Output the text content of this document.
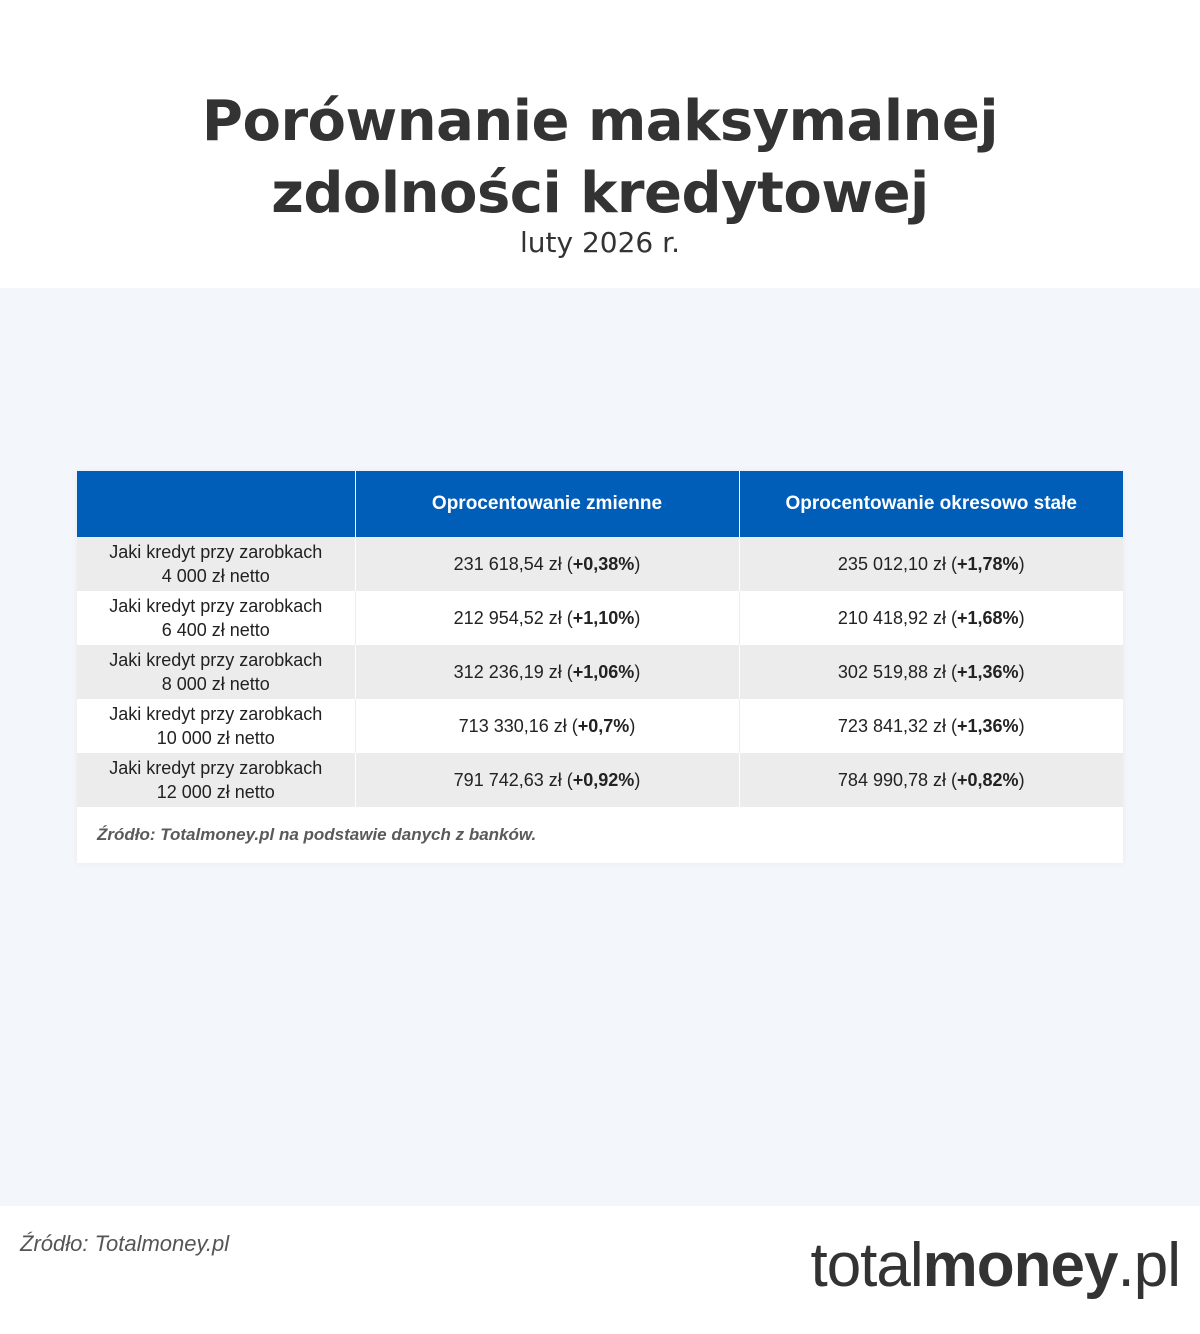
Porównanie maksymalnej
zdolności kredytowej
luty 2026 r.
	Oprocentowanie zmienne	Oprocentowanie okresowo stałe

Jaki kredyt przy zarobkach
4 000 zł netto	231 618,54 zł (+0,38%)	235 012,10 zł (+1,78%)

Jaki kredyt przy zarobkach
6 400 zł netto	212 954,52 zł (+1,10%)	210 418,92 zł (+1,68%)

Jaki kredyt przy zarobkach
8 000 zł netto	312 236,19 zł (+1,06%)	302 519,88 zł (+1,36%)

Jaki kredyt przy zarobkach
10 000 zł netto	713 330,16 zł (+0,7%)	723 841,32 zł (+1,36%)

Jaki kredyt przy zarobkach
12 000 zł netto	791 742,63 zł (+0,92%)	784 990,78 zł (+0,82%)
Źródło: Totalmoney.pl na podstawie danych z banków.
Źródło: Totalmoney.pl	totalmoney.pl
